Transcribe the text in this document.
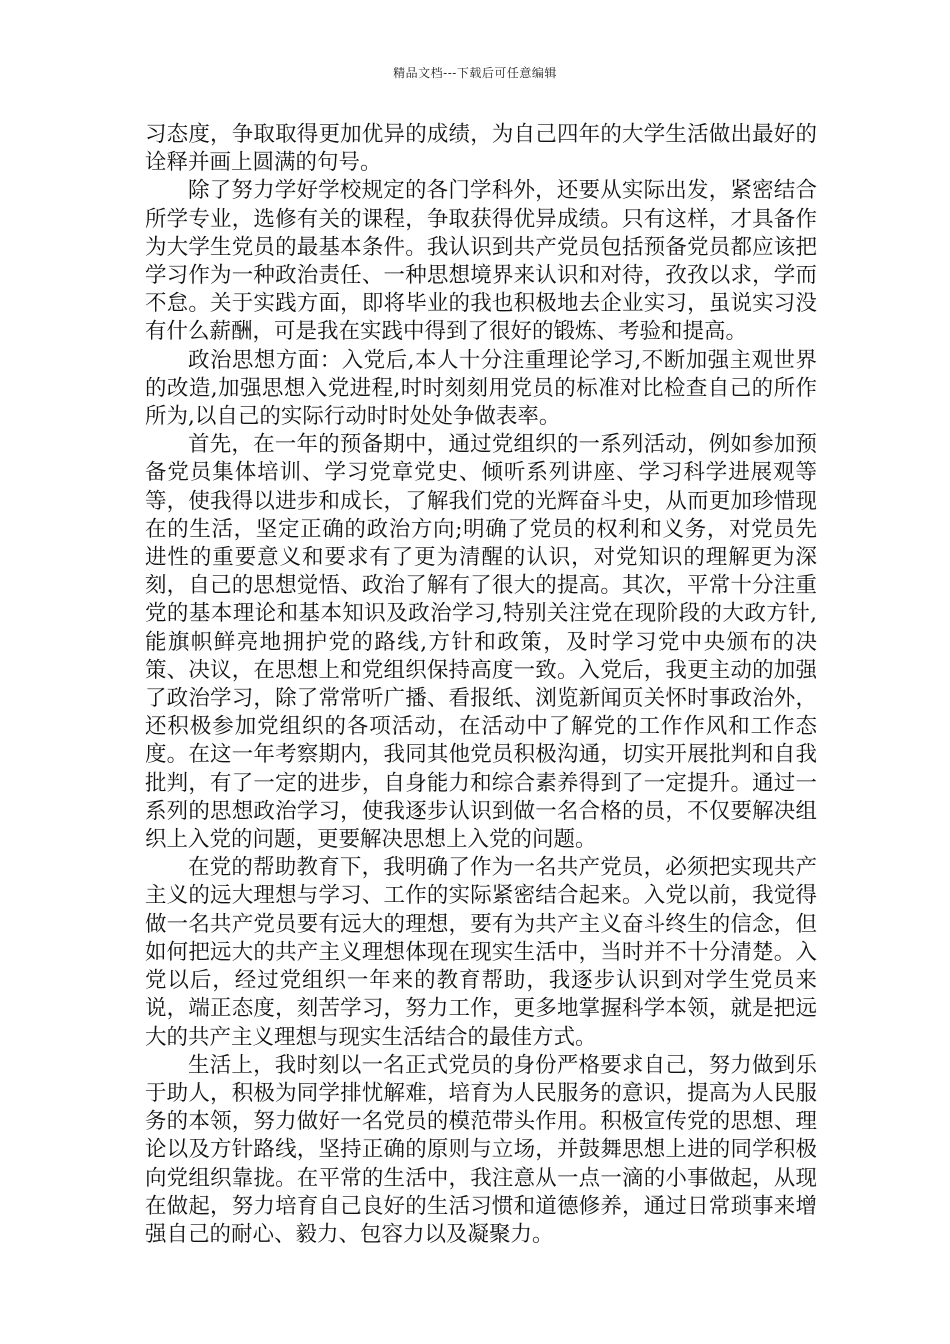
精品文档---下载后可任意编辑

习态度，争取取得更加优异的成绩，为自己四年的大学生活做出最好的诠释并画上圆满的句号。

除了努力学好学校规定的各门学科外，还要从实际出发，紧密结合所学专业，选修有关的课程，争取获得优异成绩。只有这样，才具备作为大学生党员的最基本条件。我认识到共产党员包括预备党员都应该把学习作为一种政治责任、一种思想境界来认识和对待，孜孜以求，学而不怠。关于实践方面，即将毕业的我也积极地去企业实习，虽说实习没有什么薪酬，可是我在实践中得到了很好的锻炼、考验和提高。

政治思想方面：入党后,本人十分注重理论学习,不断加强主观世界的改造,加强思想入党进程,时时刻刻用党员的标准对比检查自己的所作所为,以自己的实际行动时时处处争做表率。

首先，在一年的预备期中，通过党组织的一系列活动，例如参加预备党员集体培训、学习党章党史、倾听系列讲座、学习科学进展观等等，使我得以进步和成长，了解我们党的光辉奋斗史，从而更加珍惜现在的生活，坚定正确的政治方向;明确了党员的权利和义务，对党员先进性的重要意义和要求有了更为清醒的认识，对党知识的理解更为深刻，自己的思想觉悟、政治了解有了很大的提高。其次，平常十分注重党的基本理论和基本知识及政治学习,特别关注党在现阶段的大政方针,能旗帜鲜亮地拥护党的路线,方针和政策，及时学习党中央颁布的决策、决议，在思想上和党组织保持高度一致。入党后，我更主动的加强了政治学习，除了常常听广播、看报纸、浏览新闻页关怀时事政治外，还积极参加党组织的各项活动，在活动中了解党的工作作风和工作态度。在这一年考察期内，我同其他党员积极沟通，切实开展批判和自我批判，有了一定的进步，自身能力和综合素养得到了一定提升。通过一系列的思想政治学习，使我逐步认识到做一名合格的员，不仅要解决组织上入党的问题，更要解决思想上入党的问题。

在党的帮助教育下，我明确了作为一名共产党员，必须把实现共产主义的远大理想与学习、工作的实际紧密结合起来。入党以前，我觉得做一名共产党员要有远大的理想，要有为共产主义奋斗终生的信念，但如何把远大的共产主义理想体现在现实生活中，当时并不十分清楚。入党以后，经过党组织一年来的教育帮助，我逐步认识到对学生党员来说，端正态度，刻苦学习，努力工作，更多地掌握科学本领，就是把远大的共产主义理想与现实生活结合的最佳方式。

生活上，我时刻以一名正式党员的身份严格要求自己，努力做到乐于助人，积极为同学排忧解难，培育为人民服务的意识，提高为人民服务的本领，努力做好一名党员的模范带头作用。积极宣传党的思想、理论以及方针路线，坚持正确的原则与立场，并鼓舞思想上进的同学积极向党组织靠拢。在平常的生活中，我注意从一点一滴的小事做起，从现在做起，努力培育自己良好的生活习惯和道德修养，通过日常琐事来增强自己的耐心、毅力、包容力以及凝聚力。
